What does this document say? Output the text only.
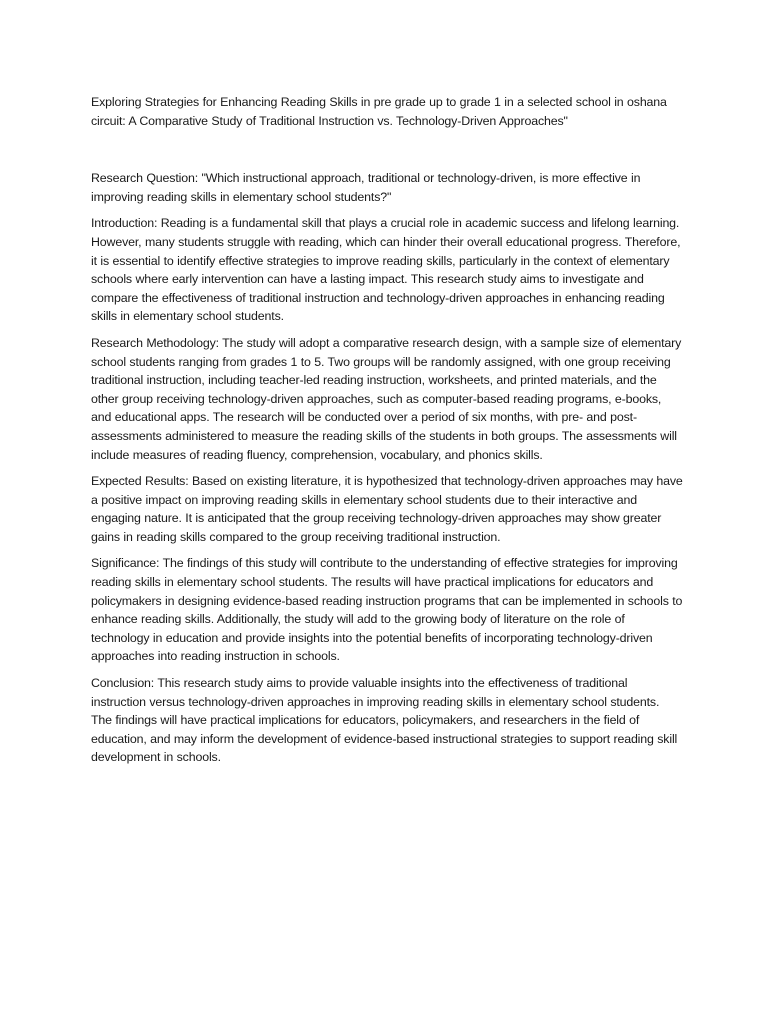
Exploring Strategies for Enhancing Reading Skills in pre grade up to grade 1 in a selected school in oshana circuit: A Comparative Study of Traditional Instruction vs. Technology-Driven Approaches"

Research Question: "Which instructional approach, traditional or technology-driven, is more effective in improving reading skills in elementary school students?"

Introduction: Reading is a fundamental skill that plays a crucial role in academic success and lifelong learning. However, many students struggle with reading, which can hinder their overall educational progress. Therefore, it is essential to identify effective strategies to improve reading skills, particularly in the context of elementary schools where early intervention can have a lasting impact. This research study aims to investigate and compare the effectiveness of traditional instruction and technology-driven approaches in enhancing reading skills in elementary school students.

Research Methodology: The study will adopt a comparative research design, with a sample size of elementary school students ranging from grades 1 to 5. Two groups will be randomly assigned, with one group receiving traditional instruction, including teacher-led reading instruction, worksheets, and printed materials, and the other group receiving technology-driven approaches, such as computer-based reading programs, e-books, and educational apps. The research will be conducted over a period of six months, with pre- and post-assessments administered to measure the reading skills of the students in both groups. The assessments will include measures of reading fluency, comprehension, vocabulary, and phonics skills.

Expected Results: Based on existing literature, it is hypothesized that technology-driven approaches may have a positive impact on improving reading skills in elementary school students due to their interactive and engaging nature. It is anticipated that the group receiving technology-driven approaches may show greater gains in reading skills compared to the group receiving traditional instruction.

Significance: The findings of this study will contribute to the understanding of effective strategies for improving reading skills in elementary school students. The results will have practical implications for educators and policymakers in designing evidence-based reading instruction programs that can be implemented in schools to enhance reading skills. Additionally, the study will add to the growing body of literature on the role of technology in education and provide insights into the potential benefits of incorporating technology-driven approaches into reading instruction in schools.

Conclusion: This research study aims to provide valuable insights into the effectiveness of traditional instruction versus technology-driven approaches in improving reading skills in elementary school students. The findings will have practical implications for educators, policymakers, and researchers in the field of education, and may inform the development of evidence-based instructional strategies to support reading skill development in schools.
